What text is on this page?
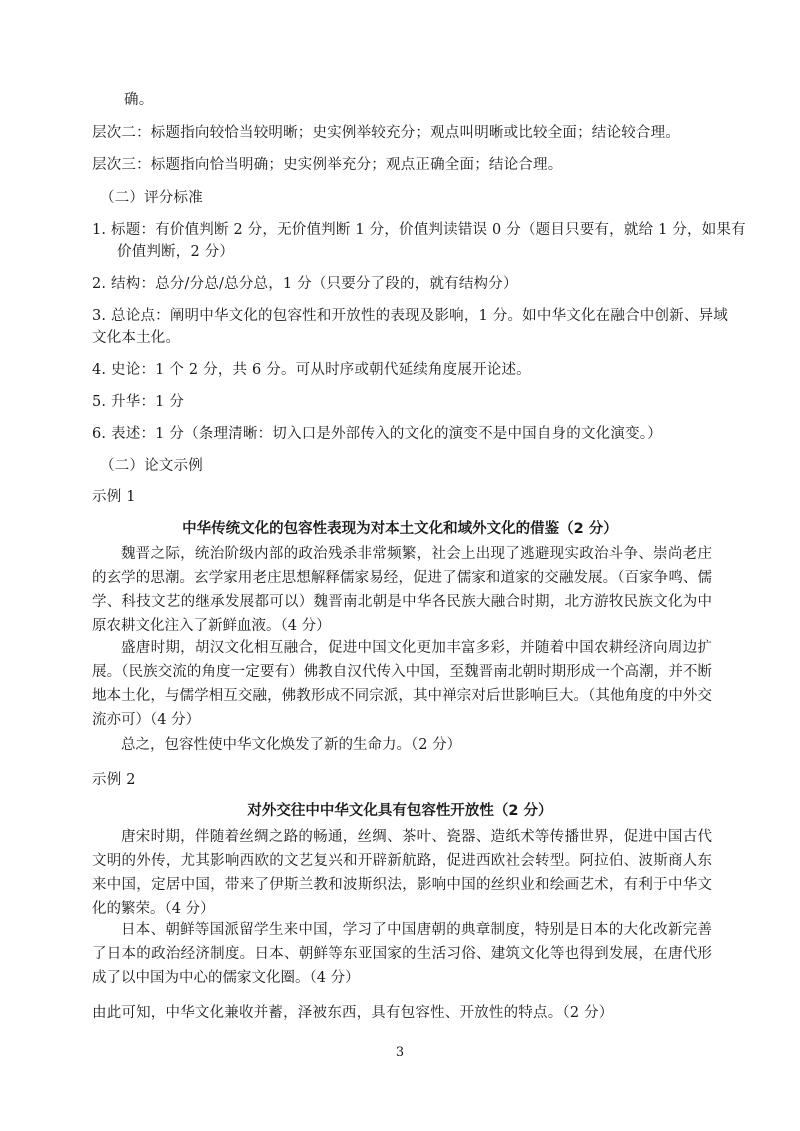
确。
层次二：标题指向较恰当较明晰；史实例举较充分；观点叫明晰或比较全面；结论较合理。
层次三：标题指向恰当明确；史实例举充分；观点正确全面；结论合理。
（二）评分标准
1. 标题：有价值判断 2 分，无价值判断 1 分，价值判读错误 0 分（题目只要有，就给 1 分，如果有
价值判断，2 分）
2. 结构：总分/分总/总分总，1 分（只要分了段的，就有结构分）
3. 总论点：阐明中华文化的包容性和开放性的表现及影响，1 分。如中华文化在融合中创新、异域
文化本土化。
4. 史论：1 个 2 分，共 6 分。可从时序或朝代延续角度展开论述。
5. 升华：1 分
6. 表述：1 分（条理清晰：切入口是外部传入的文化的演变不是中国自身的文化演变。）
（二）论文示例
示例 1
中华传统文化的包容性表现为对本土文化和域外文化的借鉴（2 分）
魏晋之际，统治阶级内部的政治残杀非常频繁，社会上出现了逃避现实政治斗争、崇尚老庄的玄学的思潮。玄学家用老庄思想解释儒家易经，促进了儒家和道家的交融发展。（百家争鸣、儒学、科技文艺的继承发展都可以）魏晋南北朝是中华各民族大融合时期，北方游牧民族文化为中原农耕文化注入了新鲜血液。（4 分）
盛唐时期，胡汉文化相互融合，促进中国文化更加丰富多彩，并随着中国农耕经济向周边扩展。（民族交流的角度一定要有）佛教自汉代传入中国，至魏晋南北朝时期形成一个高潮，并不断地本土化，与儒学相互交融，佛教形成不同宗派，其中禅宗对后世影响巨大。（其他角度的中外交流亦可）（4 分）
总之，包容性使中华文化焕发了新的生命力。（2 分）
示例 2
对外交往中中华文化具有包容性开放性（2 分）
唐宋时期，伴随着丝绸之路的畅通，丝绸、茶叶、瓷器、造纸术等传播世界，促进中国古代文明的外传，尤其影响西欧的文艺复兴和开辟新航路，促进西欧社会转型。阿拉伯、波斯商人东来中国，定居中国，带来了伊斯兰教和波斯织法，影响中国的丝织业和绘画艺术，有利于中华文化的繁荣。（4 分）
日本、朝鲜等国派留学生来中国，学习了中国唐朝的典章制度，特别是日本的大化改新完善了日本的政治经济制度。日本、朝鲜等东亚国家的生活习俗、建筑文化等也得到发展，在唐代形成了以中国为中心的儒家文化圈。（4 分）
由此可知，中华文化兼收并蓄，泽被东西，具有包容性、开放性的特点。（2 分）
3
